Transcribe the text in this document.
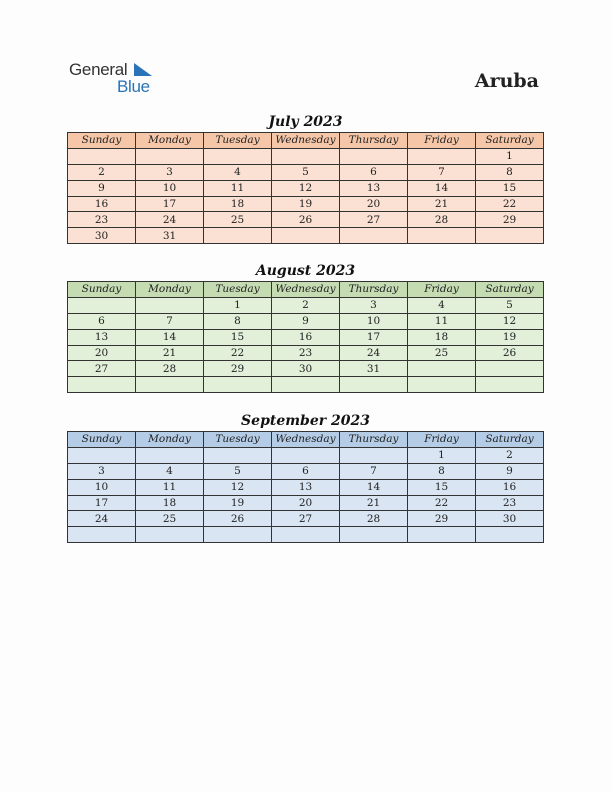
General
Blue	Aruba
July 2023
Sunday	Monday	Tuesday	Wednesday	Thursday	Friday	Saturday
						1
2	3	4	5	6	7	8
9	10	11	12	13	14	15
16	17	18	19	20	21	22
23	24	25	26	27	28	29
30	31					
August 2023
Sunday	Monday	Tuesday	Wednesday	Thursday	Friday	Saturday
		1	2	3	4	5
6	7	8	9	10	11	12
13	14	15	16	17	18	19
20	21	22	23	24	25	26
27	28	29	30	31		

September 2023
Sunday	Monday	Tuesday	Wednesday	Thursday	Friday	Saturday
					1	2
3	4	5	6	7	8	9
10	11	12	13	14	15	16
17	18	19	20	21	22	23
24	25	26	27	28	29	30
